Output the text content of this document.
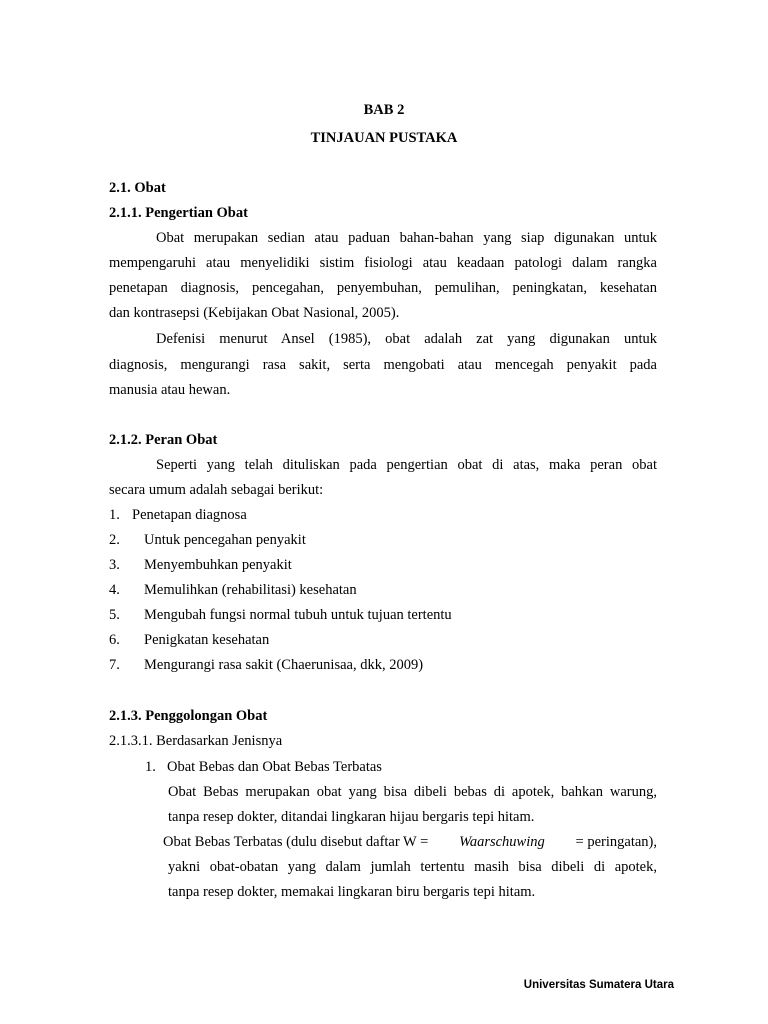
BAB 2
TINJAUAN PUSTAKA
2.1. Obat
2.1.1. Pengertian Obat
Obat merupakan sedian atau paduan bahan-bahan yang siap digunakan untuk
mempengaruhi atau menyelidiki sistim fisiologi atau keadaan patologi dalam rangka
penetapan diagnosis, pencegahan, penyembuhan, pemulihan, peningkatan, kesehatan
dan kontrasepsi (Kebijakan Obat Nasional, 2005).
Defenisi menurut Ansel (1985), obat adalah zat yang digunakan untuk
diagnosis, mengurangi rasa sakit, serta mengobati atau mencegah penyakit pada
manusia atau hewan.
2.1.2. Peran Obat
Seperti yang telah dituliskan pada pengertian obat di atas, maka peran obat
secara umum adalah sebagai berikut:
1. Penetapan diagnosa
2. Untuk pencegahan penyakit
3. Menyembuhkan penyakit
4. Memulihkan (rehabilitasi) kesehatan
5. Mengubah fungsi normal tubuh untuk tujuan tertentu
6. Penigkatan kesehatan
7. Mengurangi rasa sakit (Chaerunisaa, dkk, 2009)
2.1.3. Penggolongan Obat
2.1.3.1. Berdasarkan Jenisnya
1. Obat Bebas dan Obat Bebas Terbatas
Obat Bebas merupakan obat yang bisa dibeli bebas di apotek, bahkan warung,
tanpa resep dokter, ditandai lingkaran hijau bergaris tepi hitam.
Obat Bebas Terbatas (dulu disebut daftar W = Waarschuwing = peringatan),
yakni obat-obatan yang dalam jumlah tertentu masih bisa dibeli di apotek,
tanpa resep dokter, memakai lingkaran biru bergaris tepi hitam.
Universitas Sumatera Utara
